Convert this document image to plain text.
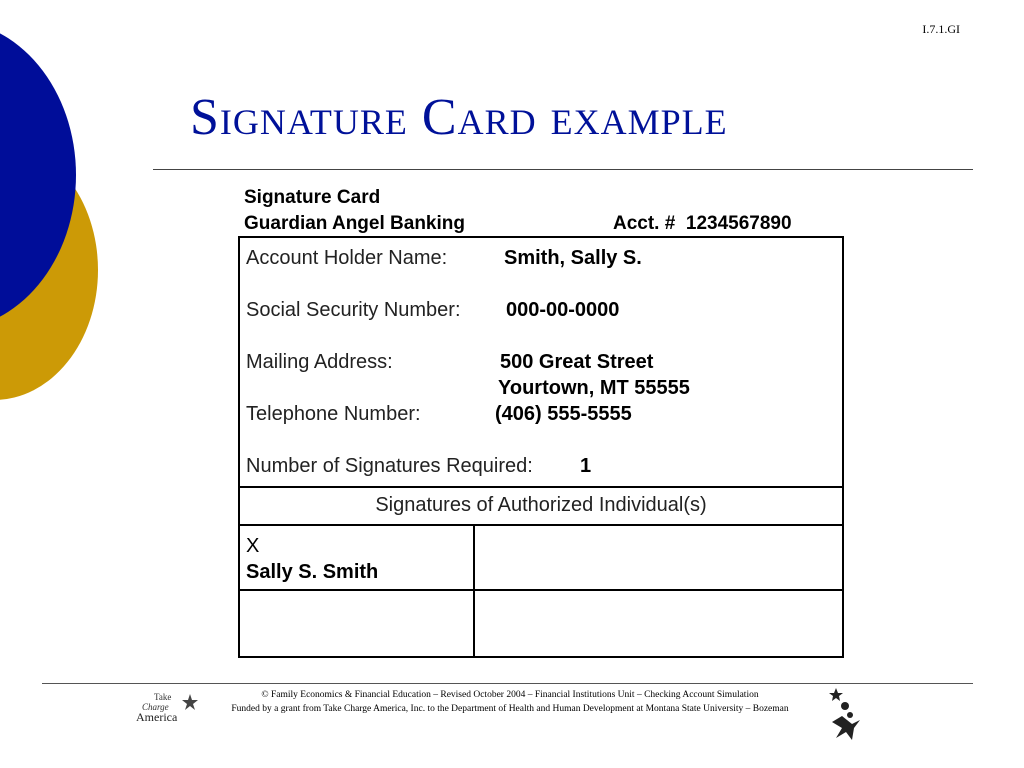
I.7.1.GI
Signature Card example
Signature Card
Guardian Angel Banking	Acct. # 1234567890
Account Holder Name:	Smith, Sally S.
Social Security Number: 000-00-0000
Mailing Address:	500 Great Street
Yourtown, MT 55555
Telephone Number:	(406) 555-5555
Number of Signatures Required: 1
Signatures of Authorized Individual(s)
X
Sally S. Smith
Take
Charge
America
© Family Economics & Financial Education – Revised October 2004 – Financial Institutions Unit – Checking Account Simulation
Funded by a grant from Take Charge America, Inc. to the Department of Health and Human Development at Montana State University – Bozeman
